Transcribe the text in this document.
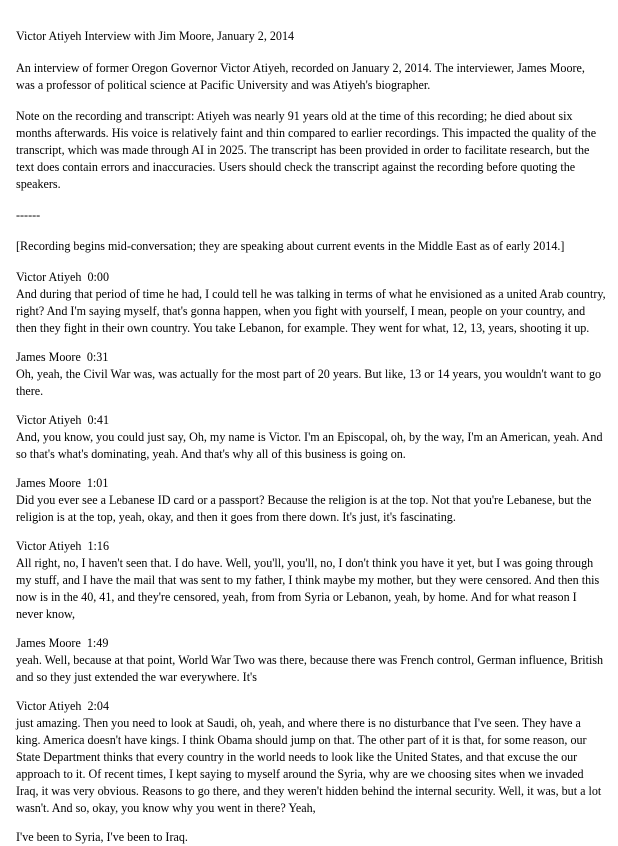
Victor Atiyeh Interview with Jim Moore, January 2, 2014

An interview of former Oregon Governor Victor Atiyeh, recorded on January 2, 2014. The interviewer, James Moore, was a professor of political science at Pacific University and was Atiyeh's biographer.

Note on the recording and transcript: Atiyeh was nearly 91 years old at the time of this recording; he died about six months afterwards. His voice is relatively faint and thin compared to earlier recordings. This impacted the quality of the transcript, which was made through AI in 2025. The transcript has been provided in order to facilitate research, but the text does contain errors and inaccuracies. Users should check the transcript against the recording before quoting the speakers.

------

[Recording begins mid-conversation; they are speaking about current events in the Middle East as of early 2014.]

Victor Atiyeh 0:00

And during that period of time he had, I could tell he was talking in terms of what he envisioned as a united Arab country, right? And I'm saying myself, that's gonna happen, when you fight with yourself, I mean, people on your country, and then they fight in their own country. You take Lebanon, for example. They went for what, 12, 13, years, shooting it up.

James Moore 0:31

Oh, yeah, the Civil War was, was actually for the most part of 20 years. But like, 13 or 14 years, you wouldn't want to go there.

Victor Atiyeh 0:41

And, you know, you could just say, Oh, my name is Victor. I'm an Episcopal, oh, by the way, I'm an American, yeah. And so that's what's dominating, yeah. And that's why all of this business is going on.

James Moore 1:01

Did you ever see a Lebanese ID card or a passport? Because the religion is at the top. Not that you're Lebanese, but the religion is at the top, yeah, okay, and then it goes from there down. It's just, it's fascinating.

Victor Atiyeh 1:16

All right, no, I haven't seen that. I do have. Well, you'll, you'll, no, I don't think you have it yet, but I was going through my stuff, and I have the mail that was sent to my father, I think maybe my mother, but they were censored. And then this now is in the 40, 41, and they're censored, yeah, from from Syria or Lebanon, yeah, by home. And for what reason I never know,

James Moore 1:49

yeah. Well, because at that point, World War Two was there, because there was French control, German influence, British and so they just extended the war everywhere. It's

Victor Atiyeh 2:04

just amazing. Then you need to look at Saudi, oh, yeah, and where there is no disturbance that I've seen. They have a king. America doesn't have kings. I think Obama should jump on that. The other part of it is that, for some reason, our State Department thinks that every country in the world needs to look like the United States, and that excuse the our approach to it. Of recent times, I kept saying to myself around the Syria, why are we choosing sites when we invaded Iraq, it was very obvious. Reasons to go there, and they weren't hidden behind the internal security. Well, it was, but a lot wasn't. And so, okay, you know why you went in there? Yeah,

I've been to Syria, I've been to Iraq.
